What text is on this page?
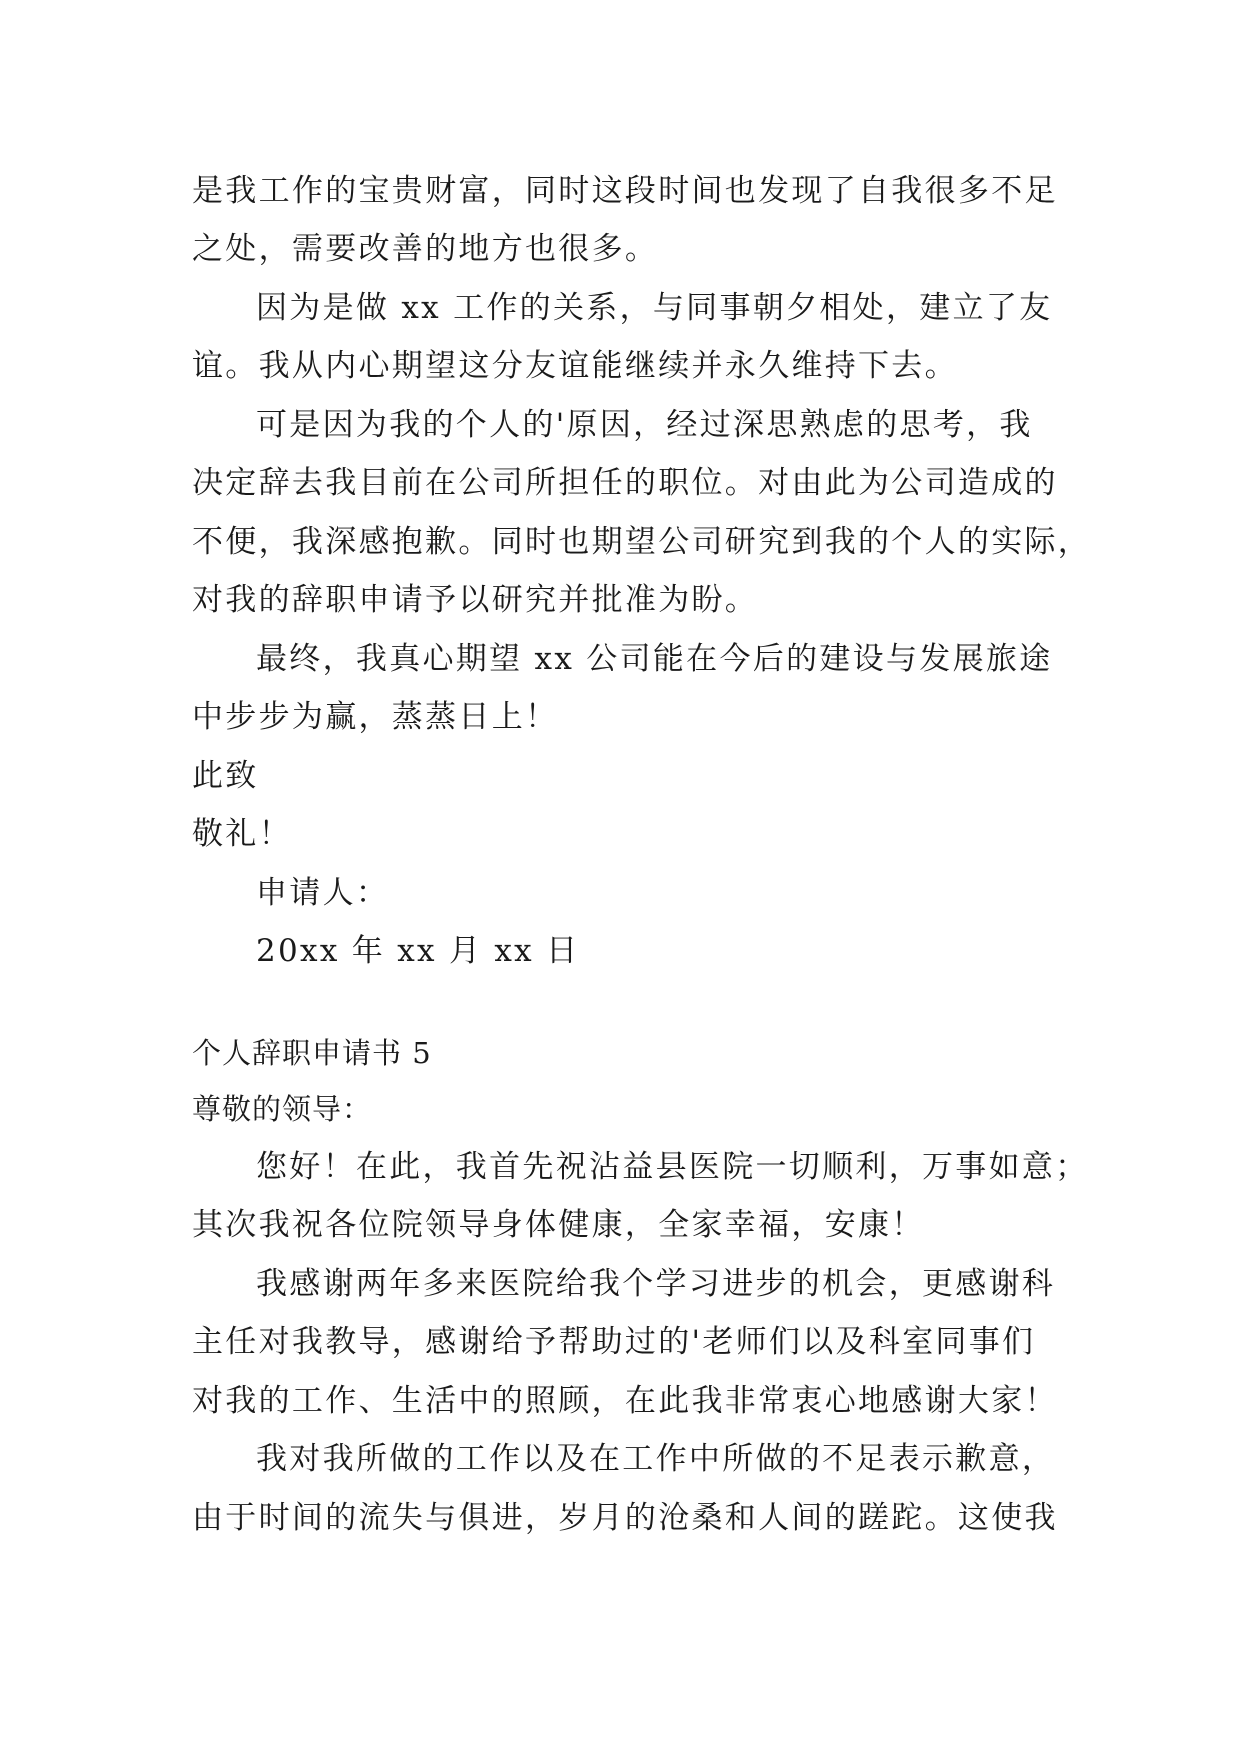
是我工作的宝贵财富，同时这段时间也发现了自我很多不足
之处，需要改善的地方也很多。
因为是做 xx 工作的关系，与同事朝夕相处，建立了友
谊。我从内心期望这分友谊能继续并永久维持下去。
可是因为我的个人的'原因，经过深思熟虑的思考，我
决定辞去我目前在公司所担任的职位。对由此为公司造成的
不便，我深感抱歉。同时也期望公司研究到我的个人的实际，
对我的辞职申请予以研究并批准为盼。
最终，我真心期望 xx 公司能在今后的建设与发展旅途
中步步为赢，蒸蒸日上！
此致
敬礼！
申请人：
20xx 年 xx 月 xx 日
个人辞职申请书 5
尊敬的领导：
您好！在此，我首先祝沾益县医院一切顺利，万事如意；
其次我祝各位院领导身体健康，全家幸福，安康！
我感谢两年多来医院给我个学习进步的机会，更感谢科
主任对我教导，感谢给予帮助过的'老师们以及科室同事们
对我的工作、生活中的照顾，在此我非常衷心地感谢大家！
我对我所做的工作以及在工作中所做的不足表示歉意，
由于时间的流失与俱进，岁月的沧桑和人间的蹉跎。这使我
